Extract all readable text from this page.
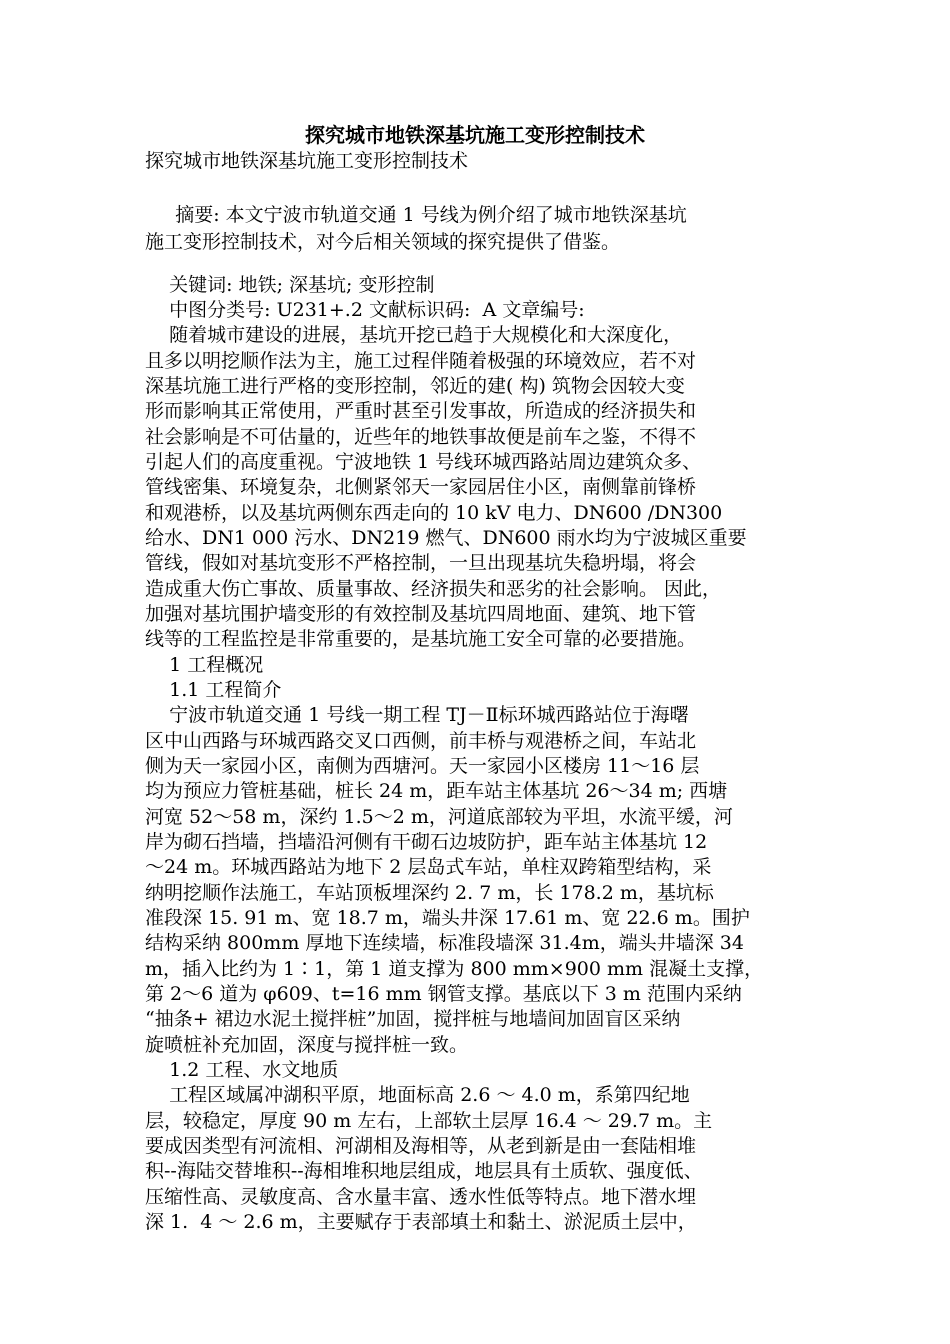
探究城市地铁深基坑施工变形控制技术
探究城市地铁深基坑施工变形控制技术
摘要: 本文宁波市轨道交通 1 号线为例介绍了城市地铁深基坑
施工变形控制技术，对今后相关领域的探究提供了借鉴。
关键词: 地铁; 深基坑; 变形控制
中图分类号: U231+.2 文献标识码:  A 文章编号:
随着城市建设的进展，基坑开挖已趋于大规模化和大深度化，
且多以明挖顺作法为主，施工过程伴随着极强的环境效应，若不对
深基坑施工进行严格的变形控制，邻近的建( 构) 筑物会因较大变
形而影响其正常使用，严重时甚至引发事故，所造成的经济损失和
社会影响是不可估量的，近些年的地铁事故便是前车之鉴，不得不
引起人们的高度重视。宁波地铁 1 号线环城西路站周边建筑众多、
管线密集、环境复杂，北侧紧邻天一家园居住小区，南侧靠前锋桥
和观港桥，以及基坑两侧东西走向的 10 kV 电力、DN600 /DN300
给水、DN1 000 污水、DN219 燃气、DN600 雨水均为宁波城区重要
管线，假如对基坑变形不严格控制，一旦出现基坑失稳坍塌，将会
造成重大伤亡事故、质量事故、经济损失和恶劣的社会影响。 因此，
加强对基坑围护墙变形的有效控制及基坑四周地面、建筑、地下管
线等的工程监控是非常重要的，是基坑施工安全可靠的必要措施。
1 工程概况
1.1 工程简介
宁波市轨道交通 1 号线一期工程 TJ－Ⅱ标环城西路站位于海曙
区中山西路与环城西路交叉口西侧，前丰桥与观港桥之间，车站北
侧为天一家园小区，南侧为西塘河。天一家园小区楼房 11～16 层
均为预应力管桩基础，桩长 24 m，距车站主体基坑 26～34 m; 西塘
河宽 52～58 m，深约 1.5～2 m，河道底部较为平坦，水流平缓，河
岸为砌石挡墙，挡墙沿河侧有干砌石边坡防护，距车站主体基坑 12
～24 m。环城西路站为地下 2 层岛式车站，单柱双跨箱型结构，采
纳明挖顺作法施工，车站顶板埋深约 2. 7 m，长 178.2 m，基坑标
准段深 15. 91 m、宽 18.7 m，端头井深 17.61 m、宽 22.6 m。围护
结构采纳 800mm 厚地下连续墙，标准段墙深 31.4m，端头井墙深 34
m，插入比约为 1∶1，第 1 道支撑为 800 mm×900 mm 混凝土支撑，
第 2～6 道为 φ609、t=16 mm 钢管支撑。基底以下 3 m 范围内采纳
“抽条+ 裙边水泥土搅拌桩”加固，搅拌桩与地墙间加固盲区采纳
旋喷桩补充加固，深度与搅拌桩一致。
1.2 工程、水文地质
工程区域属冲湖积平原，地面标高 2.6 ～ 4.0 m，系第四纪地
层，较稳定，厚度 90 m 左右，上部软土层厚 16.4 ～ 29.7 m。主
要成因类型有河流相、河湖相及海相等，从老到新是由一套陆相堆
积--海陆交替堆积--海相堆积地层组成，地层具有土质软、强度低、
压缩性高、灵敏度高、含水量丰富、透水性低等特点。地下潜水埋
深 1.  4 ～ 2.6 m，主要赋存于表部填土和黏土、淤泥质土层中，
